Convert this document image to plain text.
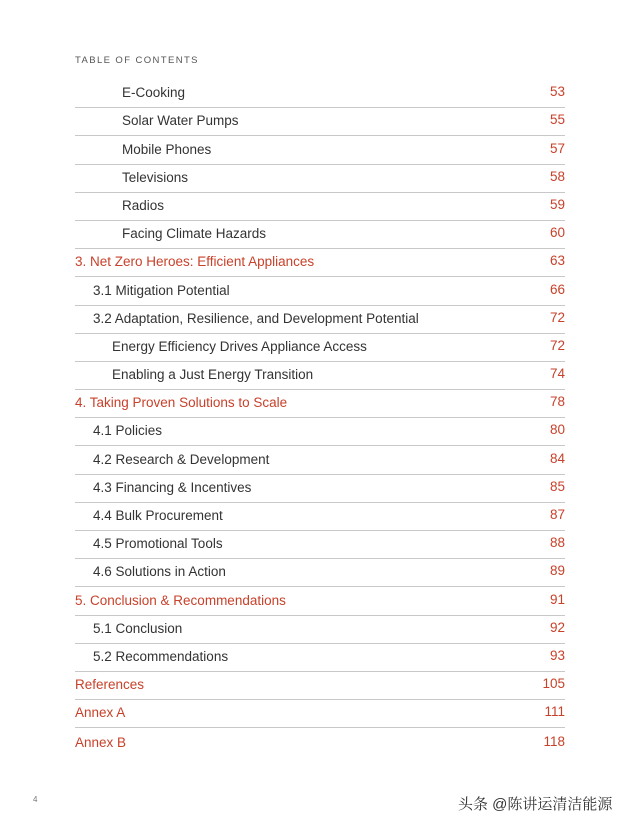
TABLE OF CONTENTS
E-Cooking	53
Solar Water Pumps	55
Mobile Phones	57
Televisions	58
Radios	59
Facing Climate Hazards	60
3. Net Zero Heroes: Efficient Appliances	63
3.1 Mitigation Potential	66
3.2 Adaptation, Resilience, and Development Potential	72
Energy Efficiency Drives Appliance Access	72
Enabling a Just Energy Transition	74
4. Taking Proven Solutions to Scale	78
4.1 Policies	80
4.2 Research & Development	84
4.3 Financing & Incentives	85
4.4 Bulk Procurement	87
4.5 Promotional Tools	88
4.6 Solutions in Action	89
5. Conclusion & Recommendations	91
5.1 Conclusion	92
5.2 Recommendations	93
References	105
Annex A	111
Annex B	118
4	头条 @陈讲运清洁能源
